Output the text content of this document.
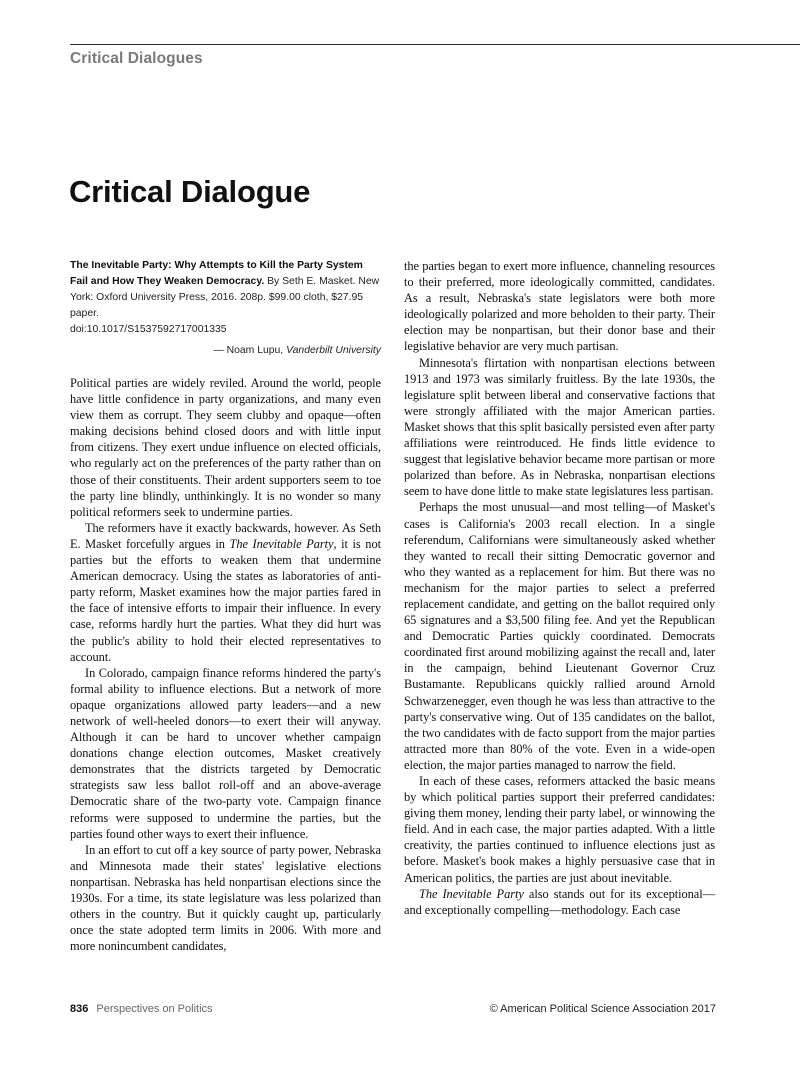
Critical Dialogues
Critical Dialogue

The Inevitable Party: Why Attempts to Kill the Party System Fail and How They Weaken Democracy. By Seth E. Masket. New York: Oxford University Press, 2016. 208p. $99.00 cloth, $27.95 paper.
doi:10.1017/S1537592717001335

— Noam Lupu, Vanderbilt University

Political parties are widely reviled. Around the world, people have little confidence in party organizations, and many even view them as corrupt. They seem clubby and opaque—often making decisions behind closed doors and with little input from citizens. They exert undue influence on elected officials, who regularly act on the preferences of the party rather than on those of their constituents. Their ardent supporters seem to toe the party line blindly, unthinkingly. It is no wonder so many political reformers seek to undermine parties.

The reformers have it exactly backwards, however. As Seth E. Masket forcefully argues in The Inevitable Party, it is not parties but the efforts to weaken them that undermine American democracy. Using the states as laboratories of anti-party reform, Masket examines how the major parties fared in the face of intensive efforts to impair their influence. In every case, reforms hardly hurt the parties. What they did hurt was the public's ability to hold their elected representatives to account.

In Colorado, campaign finance reforms hindered the party's formal ability to influence elections. But a network of more opaque organizations allowed party leaders—and a new network of well-heeled donors—to exert their will anyway. Although it can be hard to uncover whether campaign donations change election outcomes, Masket creatively demonstrates that the districts targeted by Democratic strategists saw less ballot roll-off and an above-average Democratic share of the two-party vote. Campaign finance reforms were supposed to undermine the parties, but the parties found other ways to exert their influence.

In an effort to cut off a key source of party power, Nebraska and Minnesota made their states' legislative elections nonpartisan. Nebraska has held nonpartisan elections since the 1930s. For a time, its state legislature was less polarized than others in the country. But it quickly caught up, particularly once the state adopted term limits in 2006. With more and more nonincumbent candidates,

the parties began to exert more influence, channeling resources to their preferred, more ideologically committed, candidates. As a result, Nebraska's state legislators were both more ideologically polarized and more beholden to their party. Their election may be nonpartisan, but their donor base and their legislative behavior are very much partisan.

Minnesota's flirtation with nonpartisan elections between 1913 and 1973 was similarly fruitless. By the late 1930s, the legislature split between liberal and conservative factions that were strongly affiliated with the major American parties. Masket shows that this split basically persisted even after party affiliations were reintroduced. He finds little evidence to suggest that legislative behavior became more partisan or more polarized than before. As in Nebraska, nonpartisan elections seem to have done little to make state legislatures less partisan.

Perhaps the most unusual—and most telling—of Masket's cases is California's 2003 recall election. In a single referendum, Californians were simultaneously asked whether they wanted to recall their sitting Democratic governor and who they wanted as a replacement for him. But there was no mechanism for the major parties to select a preferred replacement candidate, and getting on the ballot required only 65 signatures and a $3,500 filing fee. And yet the Republican and Democratic Parties quickly coordinated. Democrats coordinated first around mobilizing against the recall and, later in the campaign, behind Lieutenant Governor Cruz Bustamante. Republicans quickly rallied around Arnold Schwarzenegger, even though he was less than attractive to the party's conservative wing. Out of 135 candidates on the ballot, the two candidates with de facto support from the major parties attracted more than 80% of the vote. Even in a wide-open election, the major parties managed to narrow the field.

In each of these cases, reformers attacked the basic means by which political parties support their preferred candidates: giving them money, lending their party label, or winnowing the field. And in each case, the major parties adapted. With a little creativity, the parties continued to influence elections just as before. Masket's book makes a highly persuasive case that in American politics, the parties are just about inevitable.

The Inevitable Party also stands out for its exceptional—and exceptionally compelling—methodology. Each case

836 Perspectives on Politics	© American Political Science Association 2017
